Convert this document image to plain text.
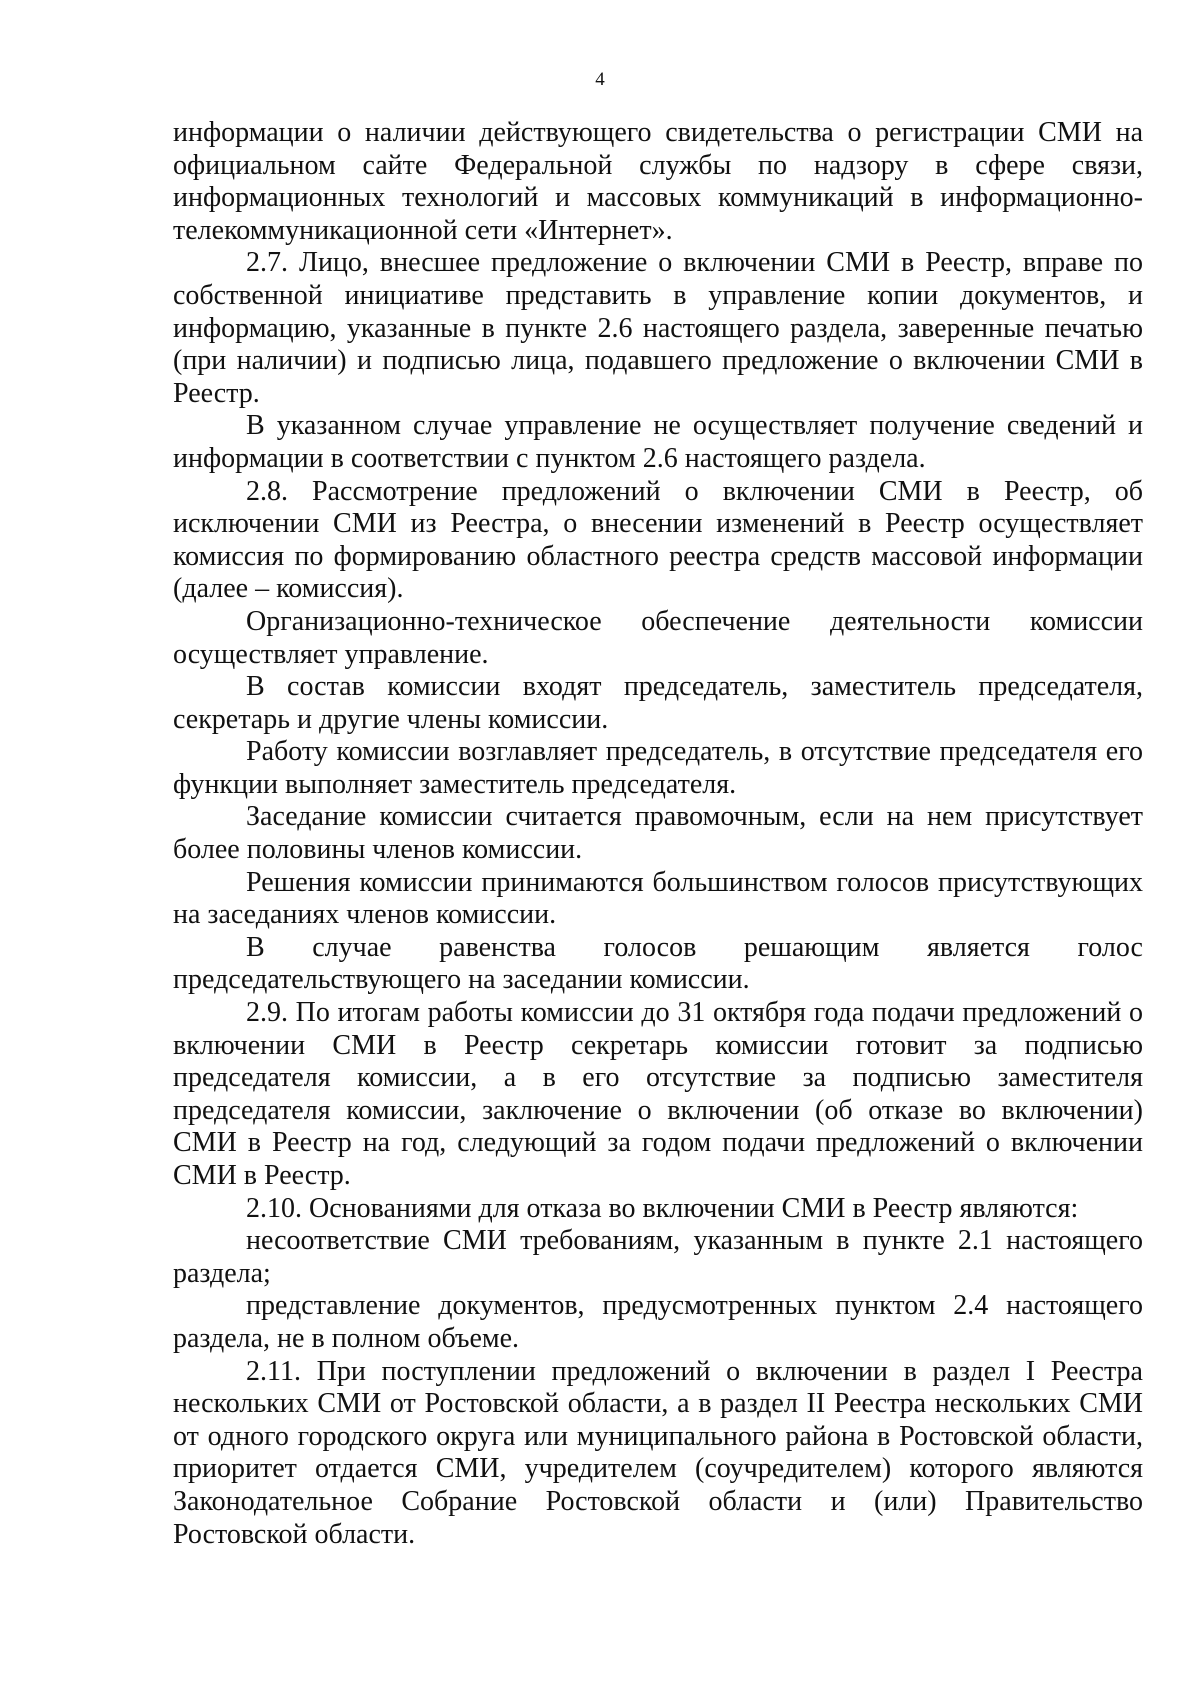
4

информации о наличии действующего свидетельства о регистрации СМИ на официальном сайте Федеральной службы по надзору в сфере связи, информационных технологий и массовых коммуникаций в информационно-телекоммуникационной сети «Интернет».

2.7. Лицо, внесшее предложение о включении СМИ в Реестр, вправе по собственной инициативе представить в управление копии документов, и информацию, указанные в пункте 2.6 настоящего раздела, заверенные печатью (при наличии) и подписью лица, подавшего предложение о включении СМИ в Реестр.

В указанном случае управление не осуществляет получение сведений и информации в соответствии с пунктом 2.6 настоящего раздела.

2.8. Рассмотрение предложений о включении СМИ в Реестр, об исключении СМИ из Реестра, о внесении изменений в Реестр осуществляет комиссия по формированию областного реестра средств массовой информации (далее – комиссия).

Организационно-техническое обеспечение деятельности комиссии осуществляет управление.

В состав комиссии входят председатель, заместитель председателя, секретарь и другие члены комиссии.

Работу комиссии возглавляет председатель, в отсутствие председателя его функции выполняет заместитель председателя.

Заседание комиссии считается правомочным, если на нем присутствует более половины членов комиссии.

Решения комиссии принимаются большинством голосов присутствующих на заседаниях членов комиссии.

В случае равенства голосов решающим является голос председательствующего на заседании комиссии.

2.9. По итогам работы комиссии до 31 октября года подачи предложений о включении СМИ в Реестр секретарь комиссии готовит за подписью председателя комиссии, а в его отсутствие за подписью заместителя председателя комиссии, заключение о включении (об отказе во включении) СМИ в Реестр на год, следующий за годом подачи предложений о включении СМИ в Реестр.

2.10. Основаниями для отказа во включении СМИ в Реестр являются:

несоответствие СМИ требованиям, указанным в пункте 2.1 настоящего раздела;

представление документов, предусмотренных пунктом 2.4 настоящего раздела, не в полном объеме.

2.11. При поступлении предложений о включении в раздел I Реестра нескольких СМИ от Ростовской области, а в раздел II Реестра нескольких СМИ от одного городского округа или муниципального района в Ростовской области, приоритет отдается СМИ, учредителем (соучредителем) которого являются Законодательное Собрание Ростовской области и (или) Правительство Ростовской области.
